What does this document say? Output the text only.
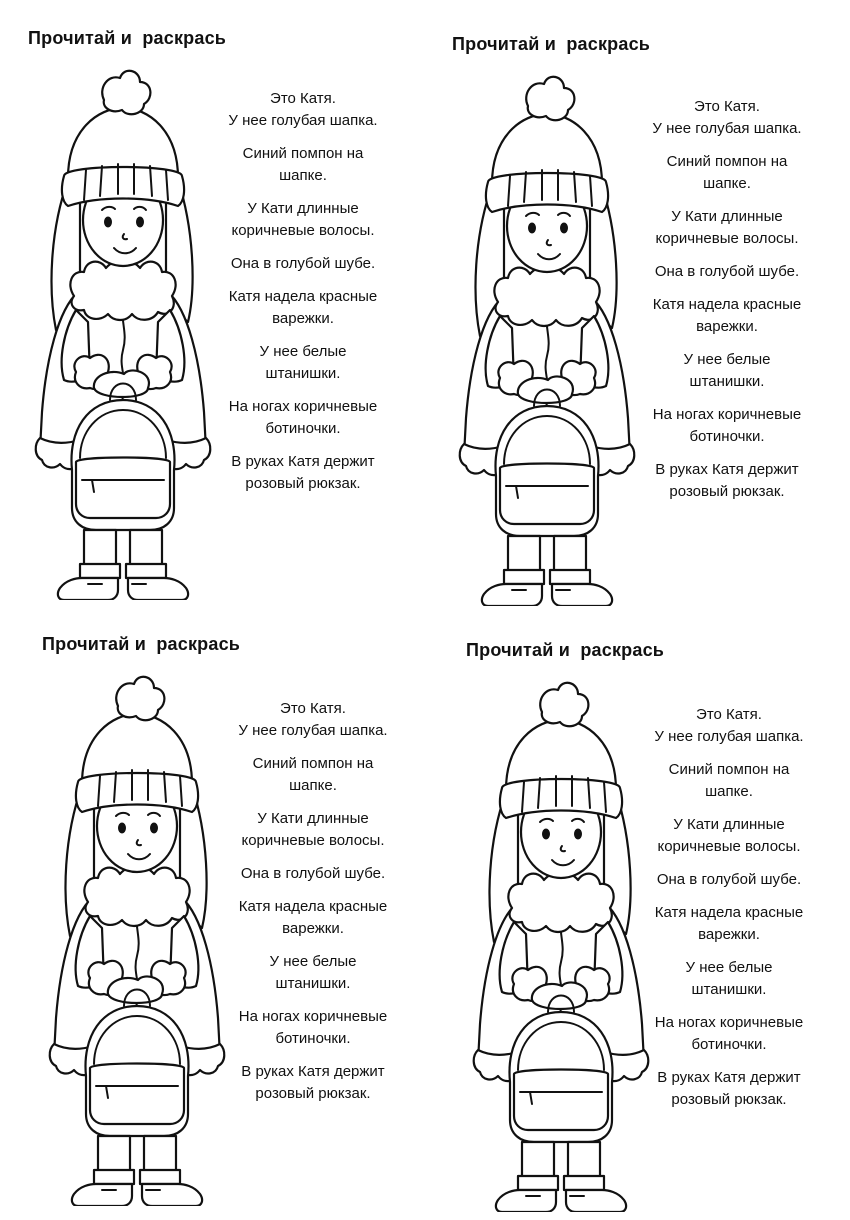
Прочитай и  раскрась
Это Катя.
У нее голубая шапка.
Синий помпон на
шапке.
У Кати длинные
коричневые волосы.
Она в голубой шубе.
Катя надела красные
варежки.
У нее белые
штанишки.
На ногах коричневые
ботиночки.
В руках Катя держит
розовый рюкзак.
Прочитай и  раскрась
Это Катя.
У нее голубая шапка.
Синий помпон на
шапке.
У Кати длинные
коричневые волосы.
Она в голубой шубе.
Катя надела красные
варежки.
У нее белые
штанишки.
На ногах коричневые
ботиночки.
В руках Катя держит
розовый рюкзак.
Прочитай и  раскрась
Это Катя.
У нее голубая шапка.
Синий помпон на
шапке.
У Кати длинные
коричневые волосы.
Она в голубой шубе.
Катя надела красные
варежки.
У нее белые
штанишки.
На ногах коричневые
ботиночки.
В руках Катя держит
розовый рюкзак.
Прочитай и  раскрась
Это Катя.
У нее голубая шапка.
Синий помпон на
шапке.
У Кати длинные
коричневые волосы.
Она в голубой шубе.
Катя надела красные
варежки.
У нее белые
штанишки.
На ногах коричневые
ботиночки.
В руках Катя держит
розовый рюкзак.
